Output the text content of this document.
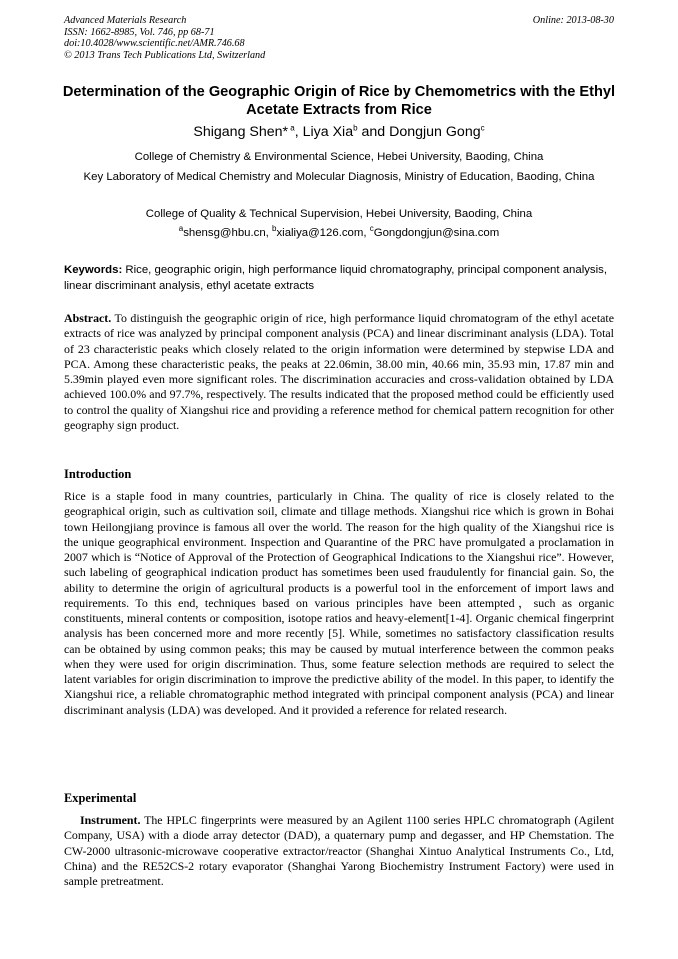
Advanced Materials Research
ISSN: 1662-8985, Vol. 746, pp 68-71
doi:10.4028/www.scientific.net/AMR.746.68
© 2013 Trans Tech Publications Ltd, Switzerland
Online: 2013-08-30
Determination of the Geographic Origin of Rice by Chemometrics with the Ethyl Acetate Extracts from Rice
Shigang Shen* $^a$, Liya Xia$^b$ and Dongjun Gong$^c$
College of Chemistry & Environmental Science, Hebei University, Baoding, China
Key Laboratory of Medical Chemistry and Molecular Diagnosis, Ministry of Education, Baoding, China
College of Quality & Technical Supervision, Hebei University, Baoding, China
$^a$shensg@hbu.cn, $^b$xialiya@126.com, $^c$Gongdongjun@sina.com
Keywords: Rice, geographic origin, high performance liquid chromatography, principal component analysis, linear discriminant analysis, ethyl acetate extracts
Abstract. To distinguish the geographic origin of rice, high performance liquid chromatogram of the ethyl acetate extracts of rice was analyzed by principal component analysis (PCA) and linear discriminant analysis (LDA). Total of 23 characteristic peaks which closely related to the origin information were determined by stepwise LDA and PCA. Among these characteristic peaks, the peaks at 22.06min, 38.00 min, 40.66 min, 35.93 min, 17.87 min and 5.39min played even more significant roles. The discrimination accuracies and cross-validation obtained by LDA achieved 100.0% and 97.7%, respectively. The results indicated that the proposed method could be efficiently used to control the quality of Xiangshui rice and providing a reference method for chemical pattern recognition for other geography sign product.
Introduction
Rice is a staple food in many countries, particularly in China. The quality of rice is closely related to the geographical origin, such as cultivation soil, climate and tillage methods. Xiangshui rice which is grown in Bohai town Heilongjiang province is famous all over the world. The reason for the high quality of the Xiangshui rice is the unique geographical environment. Inspection and Quarantine of the PRC have promulgated a proclamation in 2007 which is “Notice of Approval of the Protection of Geographical Indications to the Xiangshui rice”. However, such labeling of geographical indication product has sometimes been used fraudulently for financial gain. So, the ability to determine the origin of agricultural products is a powerful tool in the enforcement of import laws and requirements. To this end, techniques based on various principles have been attempted，such as organic constituents, mineral contents or composition, isotope ratios and heavy-element[1-4]. Organic chemical fingerprint analysis has been concerned more and more recently [5]. While, sometimes no satisfactory classification results can be obtained by using common peaks; this may be caused by mutual interference between the common peaks when they were used for origin discrimination. Thus, some feature selection methods are required to select the latent variables for origin discrimination to improve the predictive ability of the model. In this paper, to identify the Xiangshui rice, a reliable chromatographic method integrated with principal component analysis (PCA) and linear discriminant analysis (LDA) was developed. And it provided a reference for related research.
Experimental
Instrument. The HPLC fingerprints were measured by an Agilent 1100 series HPLC chromatograph (Agilent Company, USA) with a diode array detector (DAD), a quaternary pump and degasser, and HP Chemstation. The CW-2000 ultrasonic-microwave cooperative extractor/reactor (Shanghai Xintuo Analytical Instruments Co., Ltd, China) and the RE52CS-2 rotary evaporator (Shanghai Yarong Biochemistry Instrument Factory) were used in sample pretreatment.
